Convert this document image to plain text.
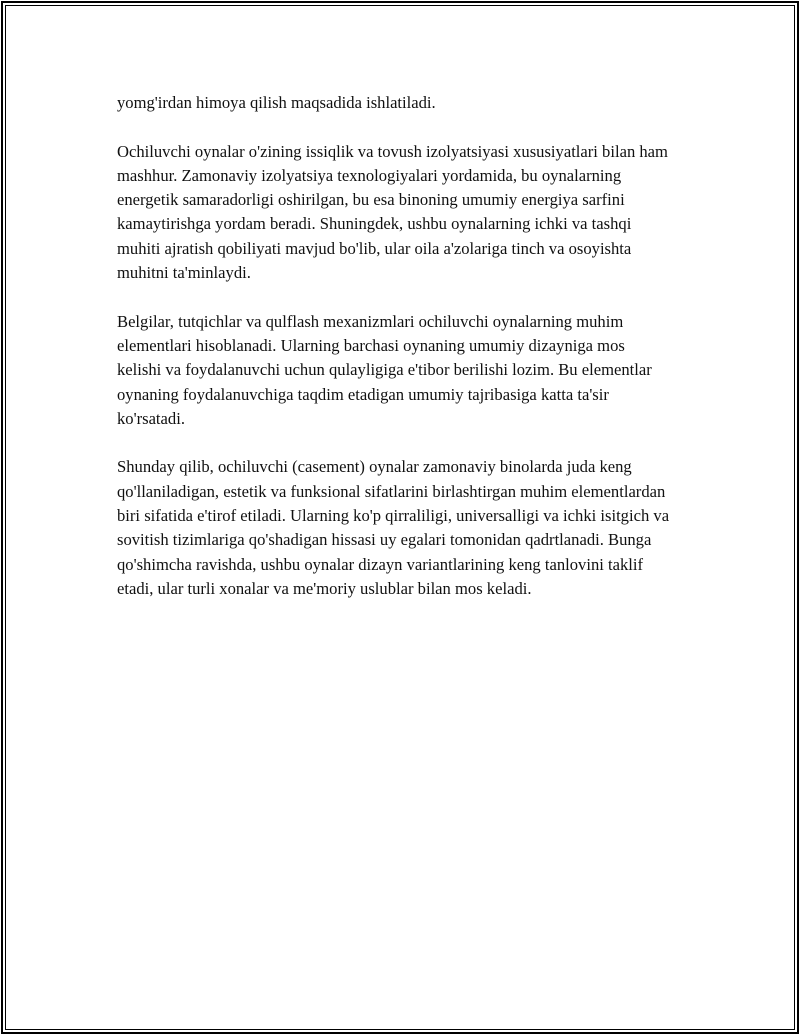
yomg'irdan himoya qilish maqsadida ishlatiladi.

Ochiluvchi oynalar o'zining issiqlik va tovush izolyatsiyasi xususiyatlari bilan ham mashhur. Zamonaviy izolyatsiya texnologiyalari yordamida, bu oynalarning energetik samaradorligi oshirilgan, bu esa binoning umumiy energiya sarfini kamaytirishga yordam beradi. Shuningdek, ushbu oynalarning ichki va tashqi muhiti ajratish qobiliyati mavjud bo'lib, ular oila a'zolariga tinch va osoyishta muhitni ta'minlaydi.

Belgilar, tutqichlar va qulflash mexanizmlari ochiluvchi oynalarning muhim elementlari hisoblanadi. Ularning barchasi oynaning umumiy dizayniga mos kelishi va foydalanuvchi uchun qulayligiga e'tibor berilishi lozim. Bu elementlar oynaning foydalanuvchiga taqdim etadigan umumiy tajribasiga katta ta'sir ko'rsatadi.

Shunday qilib, ochiluvchi (casement) oynalar zamonaviy binolarda juda keng qo'llaniladigan, estetik va funksional sifatlarini birlashtirgan muhim elementlardan biri sifatida e'tirof etiladi. Ularning ko'p qirraliligi, universalligi va ichki isitgich va sovitish tizimlariga qo'shadigan hissasi uy egalari tomonidan qadrtlanadi. Bunga qo'shimcha ravishda, ushbu oynalar dizayn variantlarining keng tanlovini taklif etadi, ular turli xonalar va me'moriy uslublar bilan mos keladi.
